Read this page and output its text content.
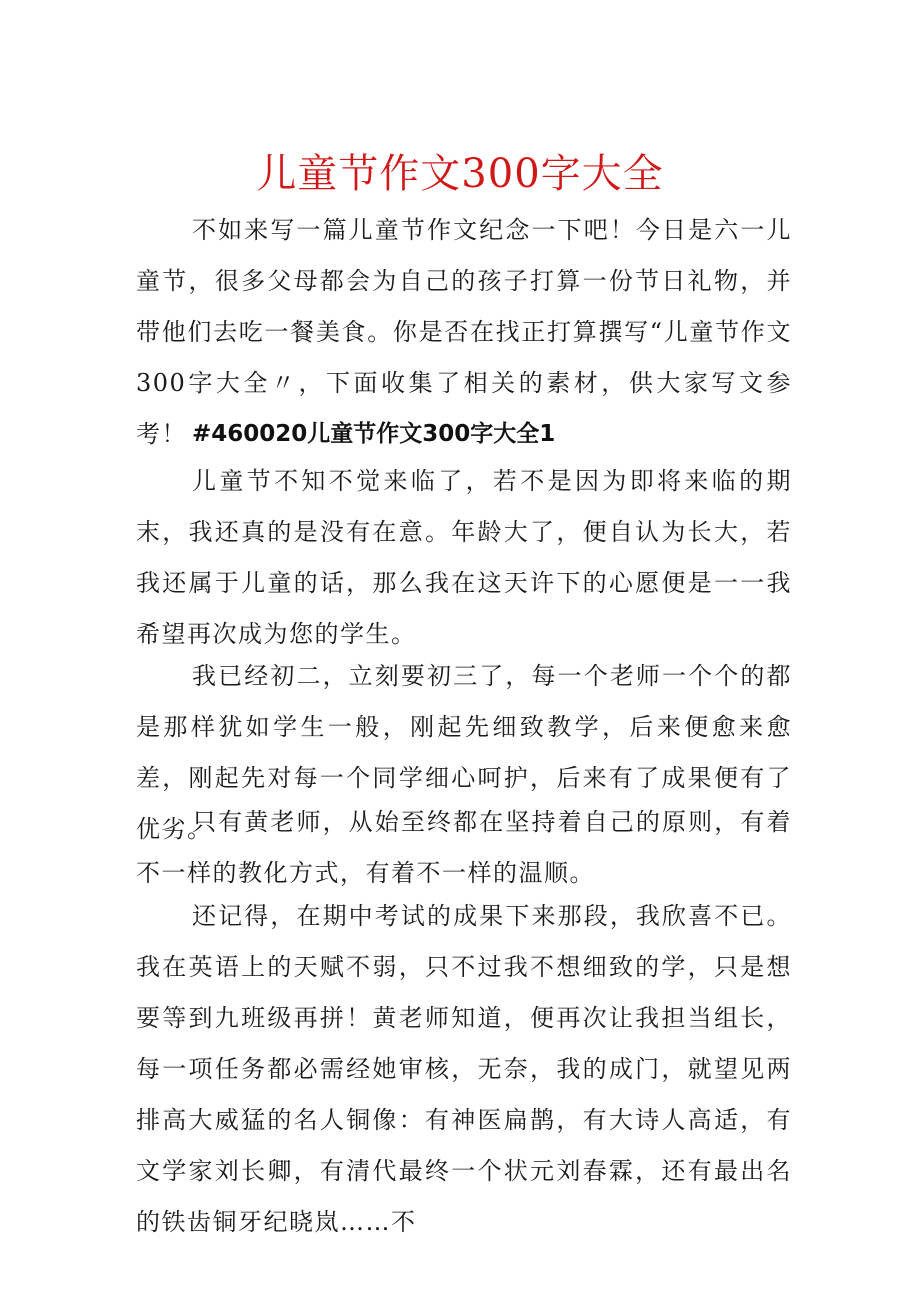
儿童节作文300字大全

不如来写一篇儿童节作文纪念一下吧！今日是六一儿童节，很多父母都会为自己的孩子打算一份节日礼物，并带他们去吃一餐美食。你是否在找正打算撰写“儿童节作文300字大全〃，下面收集了相关的素材，供大家写文参考！ #460020儿童节作文300字大全1

儿童节不知不觉来临了，若不是因为即将来临的期末，我还真的是没有在意。年龄大了，便自认为长大，若我还属于儿童的话，那么我在这天许下的心愿便是一一我希望再次成为您的学生。

我已经初二，立刻要初三了，每一个老师一个个的都是那样犹如学生一般，刚起先细致教学，后来便愈来愈差，刚起先对每一个同学细心呵护，后来有了成果便有了优劣。

只有黄老师，从始至终都在坚持着自己的原则，有着不一样的教化方式，有着不一样的温顺。

还记得，在期中考试的成果下来那段，我欣喜不已。我在英语上的天赋不弱，只不过我不想细致的学，只是想要等到九班级再拼！黄老师知道，便再次让我担当组长，每一项任务都必需经她审核，无奈，我的成门，就望见两排高大威猛的名人铜像：有神医扁鹊，有大诗人高适，有文学家刘长卿，有清代最终一个状元刘春霖，还有最出名的铁齿铜牙纪晓岚……不
